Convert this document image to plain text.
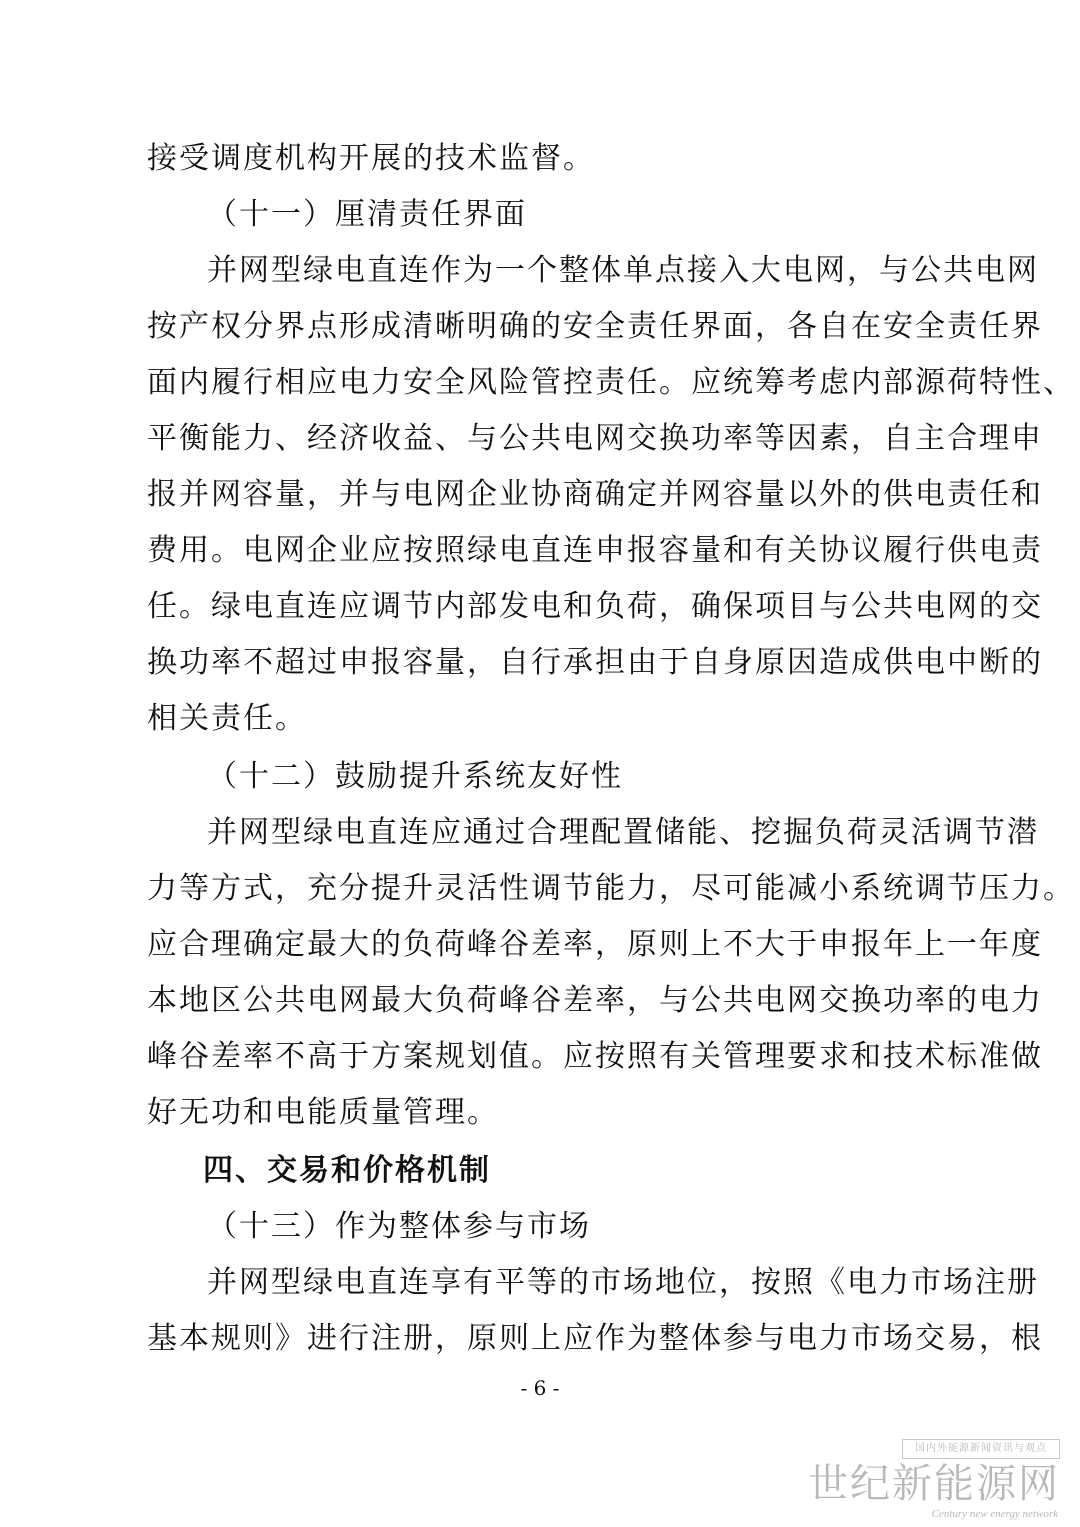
接受调度机构开展的技术监督。
（十一）厘清责任界面
并网型绿电直连作为一个整体单点接入大电网，与公共电网
按产权分界点形成清晰明确的安全责任界面，各自在安全责任界
面内履行相应电力安全风险管控责任。应统筹考虑内部源荷特性、
平衡能力、经济收益、与公共电网交换功率等因素，自主合理申
报并网容量，并与电网企业协商确定并网容量以外的供电责任和
费用。电网企业应按照绿电直连申报容量和有关协议履行供电责
任。绿电直连应调节内部发电和负荷，确保项目与公共电网的交
换功率不超过申报容量，自行承担由于自身原因造成供电中断的
相关责任。
（十二）鼓励提升系统友好性
并网型绿电直连应通过合理配置储能、挖掘负荷灵活调节潜
力等方式，充分提升灵活性调节能力，尽可能减小系统调节压力。
应合理确定最大的负荷峰谷差率，原则上不大于申报年上一年度
本地区公共电网最大负荷峰谷差率，与公共电网交换功率的电力
峰谷差率不高于方案规划值。应按照有关管理要求和技术标准做
好无功和电能质量管理。
四、交易和价格机制
（十三）作为整体参与市场
并网型绿电直连享有平等的市场地位，按照《电力市场注册
基本规则》进行注册，原则上应作为整体参与电力市场交易，根
- 6 -
国内外能源新闻资讯与观点
世纪新能源网
Century new energy network
